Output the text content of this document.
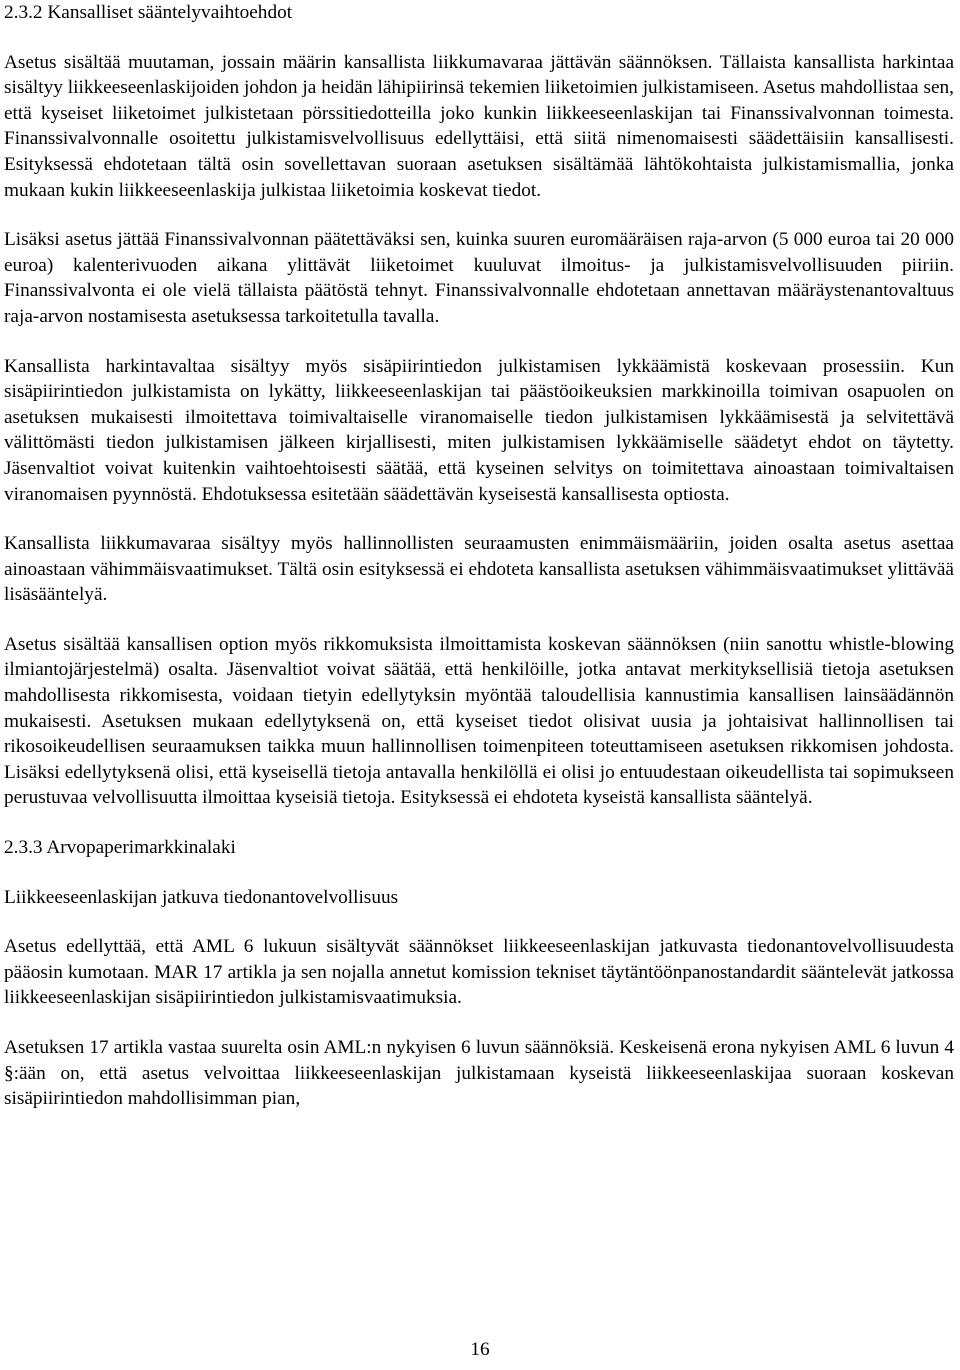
2.3.2 Kansalliset sääntelyvaihtoehdot

Asetus sisältää muutaman, jossain määrin kansallista liikkumavaraa jättävän säännöksen. Tällaista kansallista harkintaa sisältyy liikkeeseenlaskijoiden johdon ja heidän lähipiirinsä tekemien liiketoimien julkistamiseen. Asetus mahdollistaa sen, että kyseiset liiketoimet julkistetaan pörssitiedotteilla joko kunkin liikkeeseenlaskijan tai Finanssivalvonnan toimesta. Finanssivalvonnalle osoitettu julkistamisvelvollisuus edellyttäisi, että siitä nimenomaisesti säädettäisiin kansallisesti. Esityksessä ehdotetaan tältä osin sovellettavan suoraan asetuksen sisältämää lähtökohtaista julkistamismallia, jonka mukaan kukin liikkeeseenlaskija julkistaa liiketoimia koskevat tiedot.

Lisäksi asetus jättää Finanssivalvonnan päätettäväksi sen, kuinka suuren euromääräisen raja-arvon (5 000 euroa tai 20 000 euroa) kalenterivuoden aikana ylittävät liiketoimet kuuluvat ilmoitus- ja julkistamisvelvollisuuden piiriin. Finanssivalvonta ei ole vielä tällaista päätöstä tehnyt. Finanssivalvonnalle ehdotetaan annettavan määräystenantovaltuus raja-arvon nostamisesta asetuksessa tarkoitetulla tavalla.

Kansallista harkintavaltaa sisältyy myös sisäpiirintiedon julkistamisen lykkäämistä koskevaan prosessiin. Kun sisäpiirintiedon julkistamista on lykätty, liikkeeseenlaskijan tai päästöoikeuksien markkinoilla toimivan osapuolen on asetuksen mukaisesti ilmoitettava toimivaltaiselle viranomaiselle tiedon julkistamisen lykkäämisestä ja selvitettävä välittömästi tiedon julkistamisen jälkeen kirjallisesti, miten julkistamisen lykkäämiselle säädetyt ehdot on täytetty. Jäsenvaltiot voivat kuitenkin vaihtoehtoisesti säätää, että kyseinen selvitys on toimitettava ainoastaan toimivaltaisen viranomaisen pyynnöstä. Ehdotuksessa esitetään säädettävän kyseisestä kansallisesta optiosta.

Kansallista liikkumavaraa sisältyy myös hallinnollisten seuraamusten enimmäismääriin, joiden osalta asetus asettaa ainoastaan vähimmäisvaatimukset. Tältä osin esityksessä ei ehdoteta kansallista asetuksen vähimmäisvaatimukset ylittävää lisäsääntelyä.

Asetus sisältää kansallisen option myös rikkomuksista ilmoittamista koskevan säännöksen (niin sanottu whistle-blowing ilmiantojärjestelmä) osalta. Jäsenvaltiot voivat säätää, että henkilöille, jotka antavat merkityksellisiä tietoja asetuksen mahdollisesta rikkomisesta, voidaan tietyin edellytyksin myöntää taloudellisia kannustimia kansallisen lainsäädännön mukaisesti. Asetuksen mukaan edellytyksenä on, että kyseiset tiedot olisivat uusia ja johtaisivat hallinnollisen tai rikosoikeudellisen seuraamuksen taikka muun hallinnollisen toimenpiteen toteuttamiseen asetuksen rikkomisen johdosta. Lisäksi edellytyksenä olisi, että kyseisellä tietoja antavalla henkilöllä ei olisi jo entuudestaan oikeudellista tai sopimukseen perustuvaa velvollisuutta ilmoittaa kyseisiä tietoja. Esityksessä ei ehdoteta kyseistä kansallista sääntelyä.

2.3.3 Arvopaperimarkkinalaki
Liikkeeseenlaskijan jatkuva tiedonantovelvollisuus

Asetus edellyttää, että AML 6 lukuun sisältyvät säännökset liikkeeseenlaskijan jatkuvasta tiedonantovelvollisuudesta pääosin kumotaan. MAR 17 artikla ja sen nojalla annetut komission tekniset täytäntöönpanostandardit sääntelevät jatkossa liikkeeseenlaskijan sisäpiirintiedon julkistamisvaatimuksia.

Asetuksen 17 artikla vastaa suurelta osin AML:n nykyisen 6 luvun säännöksiä. Keskeisenä erona nykyisen AML 6 luvun 4 §:ään on, että asetus velvoittaa liikkeeseenlaskijan julkistamaan kyseistä liikkeeseenlaskijaa suoraan koskevan sisäpiirintiedon mahdollisimman pian,

16
